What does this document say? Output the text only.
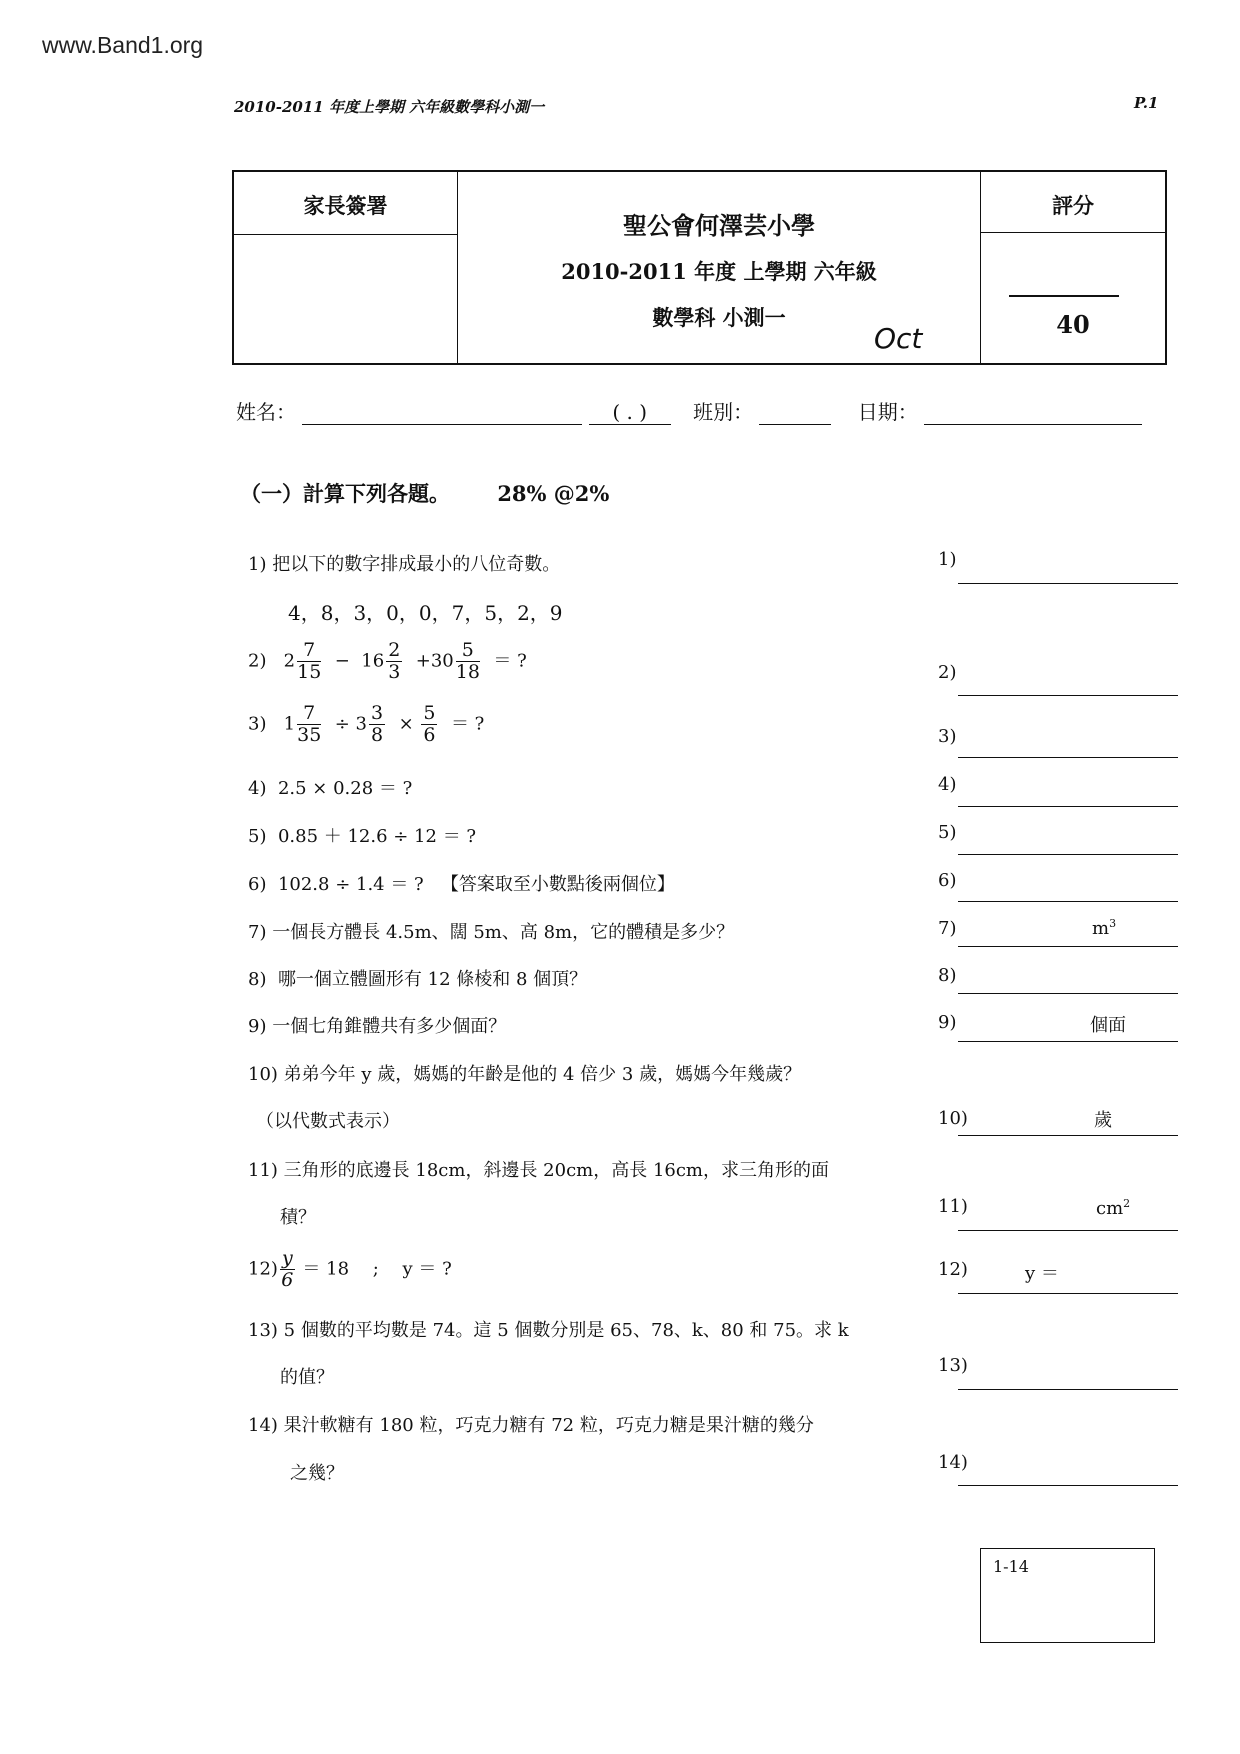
www.Band1.org
2010-2011 年度上學期 六年級數學科小測一	P.1
家長簽署
聖公會何澤芸小學
2010-2011 年度 上學期 六年級
數學科 小測一
Oct
評分
40
姓名：	( . ) 班別：	日期：
（一）計算下列各題。 28% @2%
1) 把以下的數字排成最小的八位奇數。
4，8，3，0，0，7，5，2，9
2) $2 \frac{7}{15} - 16 \frac{2}{3} +30 \frac{5}{18}$ ＝ ?
3) $1 \frac{7}{35} \div 3 \frac{3}{8} \times \frac{5}{6}$ ＝ ?
4) 2.5 × 0.28 ＝ ?
5) 0.85 ＋ 12.6 ÷ 12 ＝ ?
6) 102.8 ÷ 1.4 ＝ ? 【答案取至小數點後兩個位】
7) 一個長方體長 4.5m、闊 5m、高 8m，它的體積是多少？
8) 哪一個立體圖形有 12 條棱和 8 個頂？
9) 一個七角錐體共有多少個面？
10) 弟弟今年 y 歲，媽媽的年齡是他的 4 倍少 3 歲，媽媽今年幾歲？
（以代數式表示）
11) 三角形的底邊長 18cm，斜邊長 20cm，高長 16cm，求三角形的面
積？
$12) \frac{y}{6} = 18$　 ;　 y ＝ ?
13) 5 個數的平均數是 74。這 5 個數分別是 65、78、k、80 和 75。求 k
的值？
14) 果汁軟糖有 180 粒，巧克力糖有 72 粒，巧克力糖是果汁糖的幾分
之幾？
1)
2)
3)
4)
5)
6)
7)	$m^3$
8)
9)	個面
10)	歲
11)	$cm^2$
12)	y ＝
13)
14)
1-14
